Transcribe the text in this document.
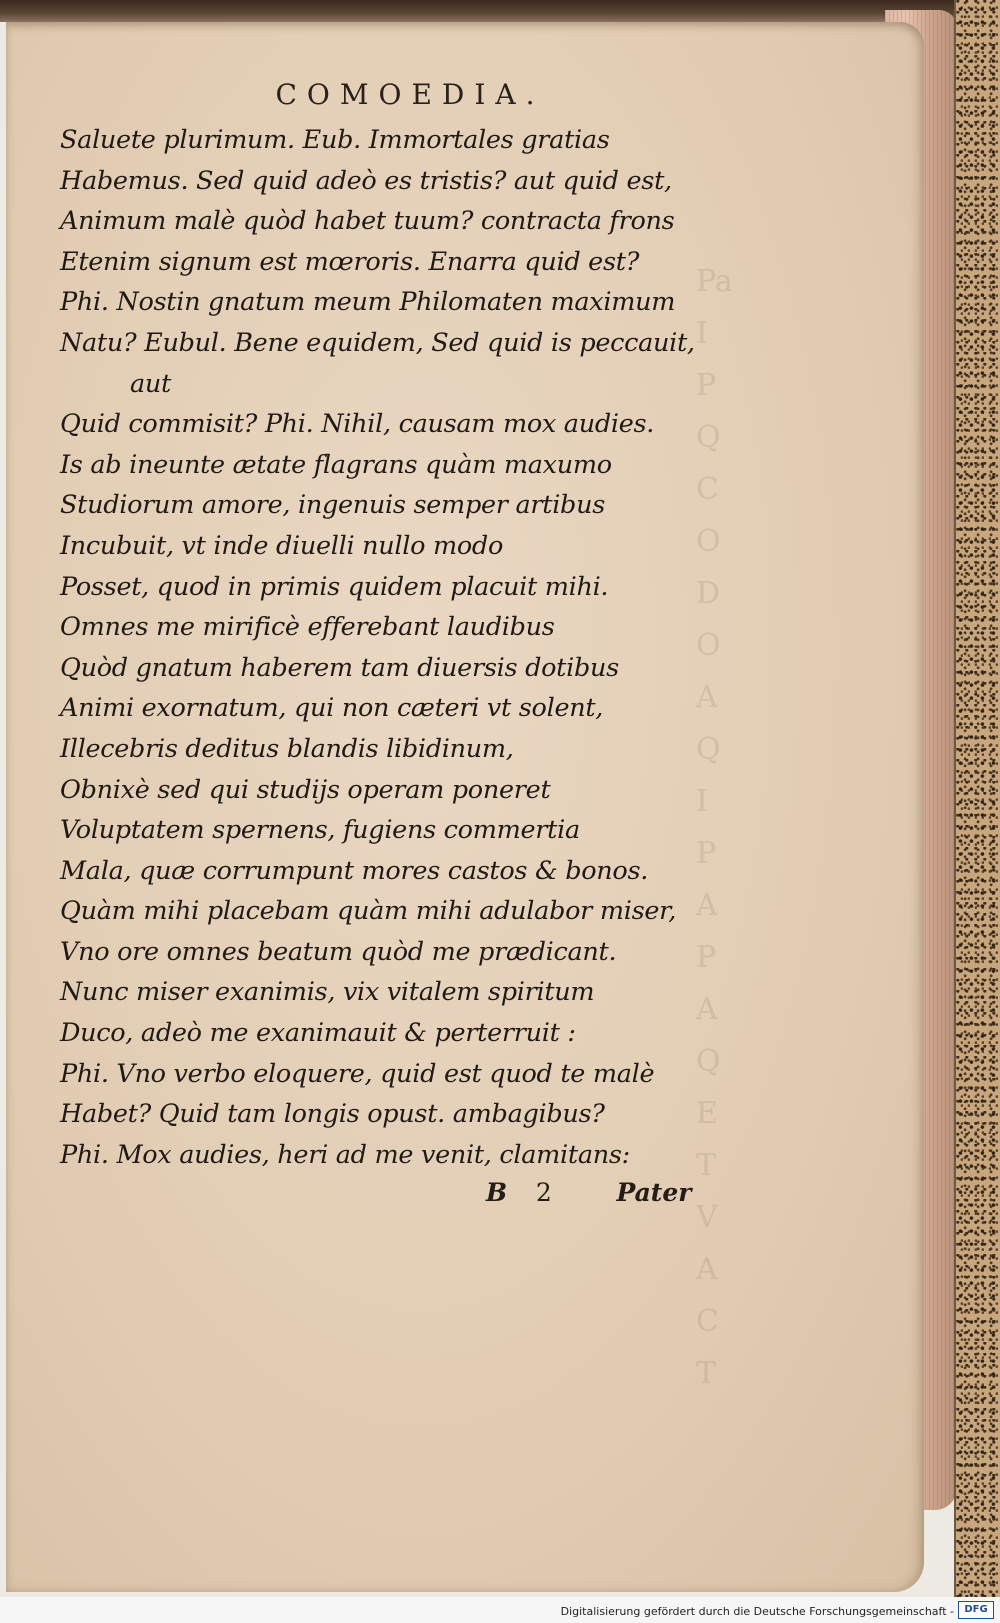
Pa
I
P
Q
C
O
D
O
A
Q
I
P
A
P
A
Q
E
T
V
A
C
T

COMOEDIA.
Saluete plurimum. Eub. Immortales gratias
Habemus. Sed quid adeò es tristis? aut quid est,
Animum malè quòd habet tuum? contracta frons
Etenim signum est mœroris. Enarra quid est?
Phi. Nostin gnatum meum Philomaten maximum
Natu? Eubul. Bene equidem, Sed quid is peccauit,
aut
Quid commisit? Phi. Nihil, causam mox audies.
Is ab ineunte ætate flagrans quàm maxumo
Studiorum amore, ingenuis semper artibus
Incubuit, vt inde diuelli nullo modo
Posset, quod in primis quidem placuit mihi.
Omnes me mirificè efferebant laudibus
Quòd gnatum haberem tam diuersis dotibus
Animi exornatum, qui non cæteri vt solent,
Illecebris deditus blandis libidinum,
Obnixè sed qui studijs operam poneret
Voluptatem spernens, fugiens commertia
Mala, quæ corrumpunt mores castos & bonos.
Quàm mihi placebam quàm mihi adulabor miser,
Vno ore omnes beatum quòd me prædicant.
Nunc miser exanimis, vix vitalem spiritum
Duco, adeò me exanimauit & perterruit :
Phi. Vno verbo eloquere, quid est quod te malè
Habet? Quid tam longis opust. ambagibus?
Phi. Mox audies, heri ad me venit, clamitans:
B 2	Pater
Digitalisierung gefördert durch die Deutsche Forschungsgemeinschaft -	DFG
